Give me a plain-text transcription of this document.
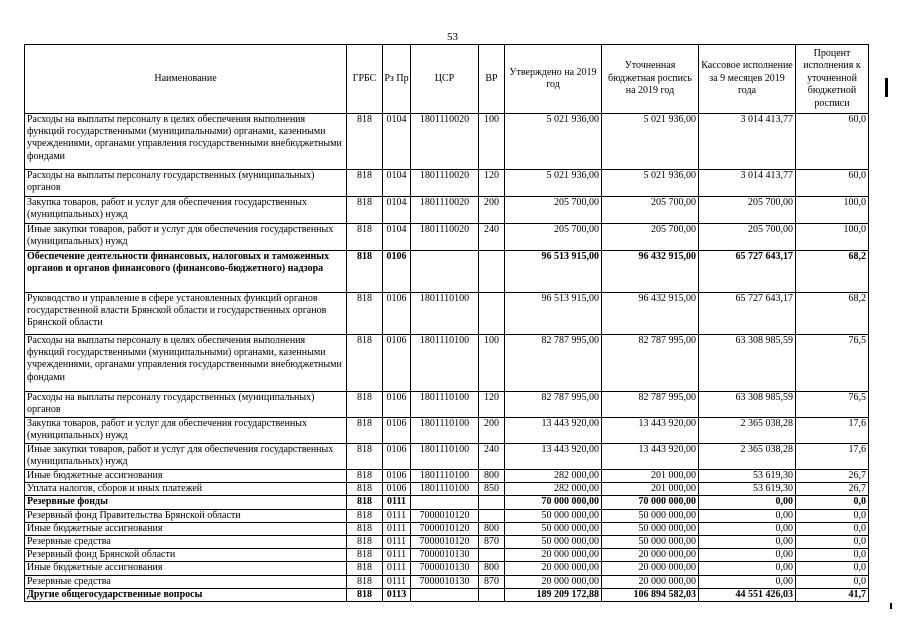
53
Наименование	ГРБС	Рз Пр	ЦСР	ВР	Утверждено на 2019 год	Уточненная бюджетная роспись на 2019 год	Кассовое исполнение за 9 месяцев 2019 года	Процент исполнения к уточненной бюджетной росписи
Расходы на выплаты персоналу в целях обеспечения выполнения функций государственными (муниципальными) органами, казенными учреждениями, органами управления государственными внебюджетными фондами	818	0104	1801110020	100	5 021 936,00	5 021 936,00	3 014 413,77	60,0
Расходы на выплаты персоналу государственных (муниципальных) органов	818	0104	1801110020	120	5 021 936,00	5 021 936,00	3 014 413,77	60,0
Закупка товаров, работ и услуг для обеспечения государственных (муниципальных) нужд	818	0104	1801110020	200	205 700,00	205 700,00	205 700,00	100,0
Иные закупки товаров, работ и услуг для обеспечения государственных (муниципальных) нужд	818	0104	1801110020	240	205 700,00	205 700,00	205 700,00	100,0
Обеспечение деятельности финансовых, налоговых и таможенных органов и органов финансового (финансово-бюджетного) надзора	818	0106			96 513 915,00	96 432 915,00	65 727 643,17	68,2
Руководство и управление в сфере установленных функций органов государственной власти Брянской области и государственных органов Брянской области	818	0106	1801110100		96 513 915,00	96 432 915,00	65 727 643,17	68,2
Расходы на выплаты персоналу в целях обеспечения выполнения функций государственными (муниципальными) органами, казенными учреждениями, органами управления государственными внебюджетными фондами	818	0106	1801110100	100	82 787 995,00	82 787 995,00	63 308 985,59	76,5
Расходы на выплаты персоналу государственных (муниципальных) органов	818	0106	1801110100	120	82 787 995,00	82 787 995,00	63 308 985,59	76,5
Закупка товаров, работ и услуг для обеспечения государственных (муниципальных) нужд	818	0106	1801110100	200	13 443 920,00	13 443 920,00	2 365 038,28	17,6
Иные закупки товаров, работ и услуг для обеспечения государственных (муниципальных) нужд	818	0106	1801110100	240	13 443 920,00	13 443 920,00	2 365 038,28	17,6
Иные бюджетные ассигнования	818	0106	1801110100	800	282 000,00	201 000,00	53 619,30	26,7
Уплата налогов, сборов и иных платежей	818	0106	1801110100	850	282 000,00	201 000,00	53 619,30	26,7
Резервные фонды	818	0111			70 000 000,00	70 000 000,00	0,00	0,0
Резервный фонд Правительства Брянской области	818	0111	7000010120		50 000 000,00	50 000 000,00	0,00	0,0
Иные бюджетные ассигнования	818	0111	7000010120	800	50 000 000,00	50 000 000,00	0,00	0,0
Резервные средства	818	0111	7000010120	870	50 000 000,00	50 000 000,00	0,00	0,0
Резервный фонд Брянской области	818	0111	7000010130		20 000 000,00	20 000 000,00	0,00	0,0
Иные бюджетные ассигнования	818	0111	7000010130	800	20 000 000,00	20 000 000,00	0,00	0,0
Резервные средства	818	0111	7000010130	870	20 000 000,00	20 000 000,00	0,00	0,0
Другие общегосударственные вопросы	818	0113			189 209 172,88	106 894 582,03	44 551 426,03	41,7
